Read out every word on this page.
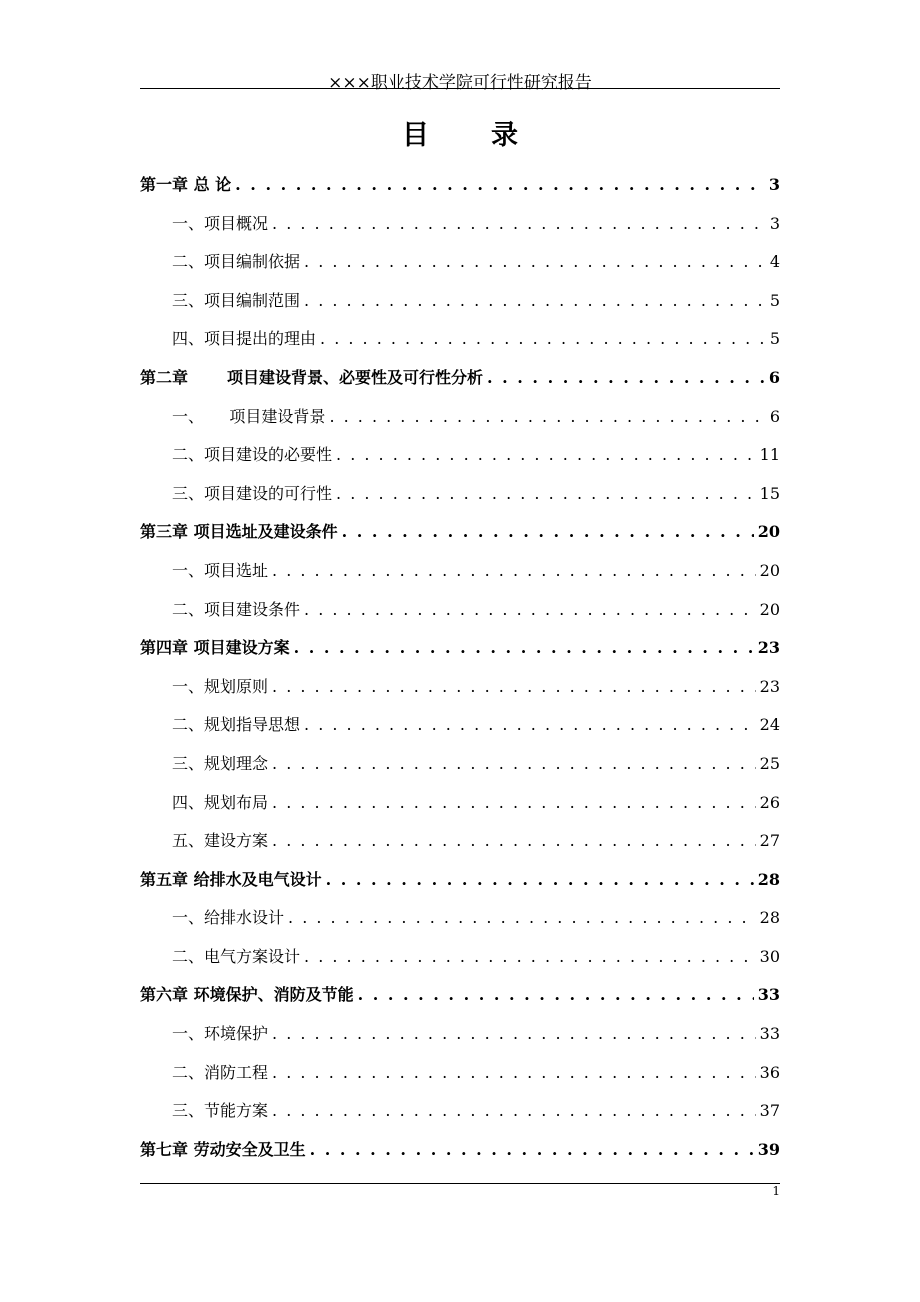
×××职业技术学院可行性研究报告
目录
第一章 总 论 . . .	3
一、项目概况 . . .	3
二、项目编制依据 . . .	4
三、项目编制范围 . . .	5
四、项目提出的理由 . . .	5
第二章       项目建设背景、必要性及可行性分析 . . .	6
一、     项目建设背景 . . .	6
二、项目建设的必要性 . . .	11
三、项目建设的可行性 . . .	15
第三章 项目选址及建设条件 . . .	20
一、项目选址 . . .	20
二、项目建设条件 . . .	20
第四章 项目建设方案 . . .	23
一、规划原则 . . .	23
二、规划指导思想 . . .	24
三、规划理念 . . .	25
四、规划布局 . . .	26
五、建设方案 . . .	27
第五章 给排水及电气设计 . . .	28
一、给排水设计 . . .	28
二、电气方案设计 . . .	30
第六章 环境保护、消防及节能 . . .	33
一、环境保护 . . .	33
二、消防工程 . . .	36
三、节能方案 . . .	37
第七章 劳动安全及卫生 . . .	39
1
